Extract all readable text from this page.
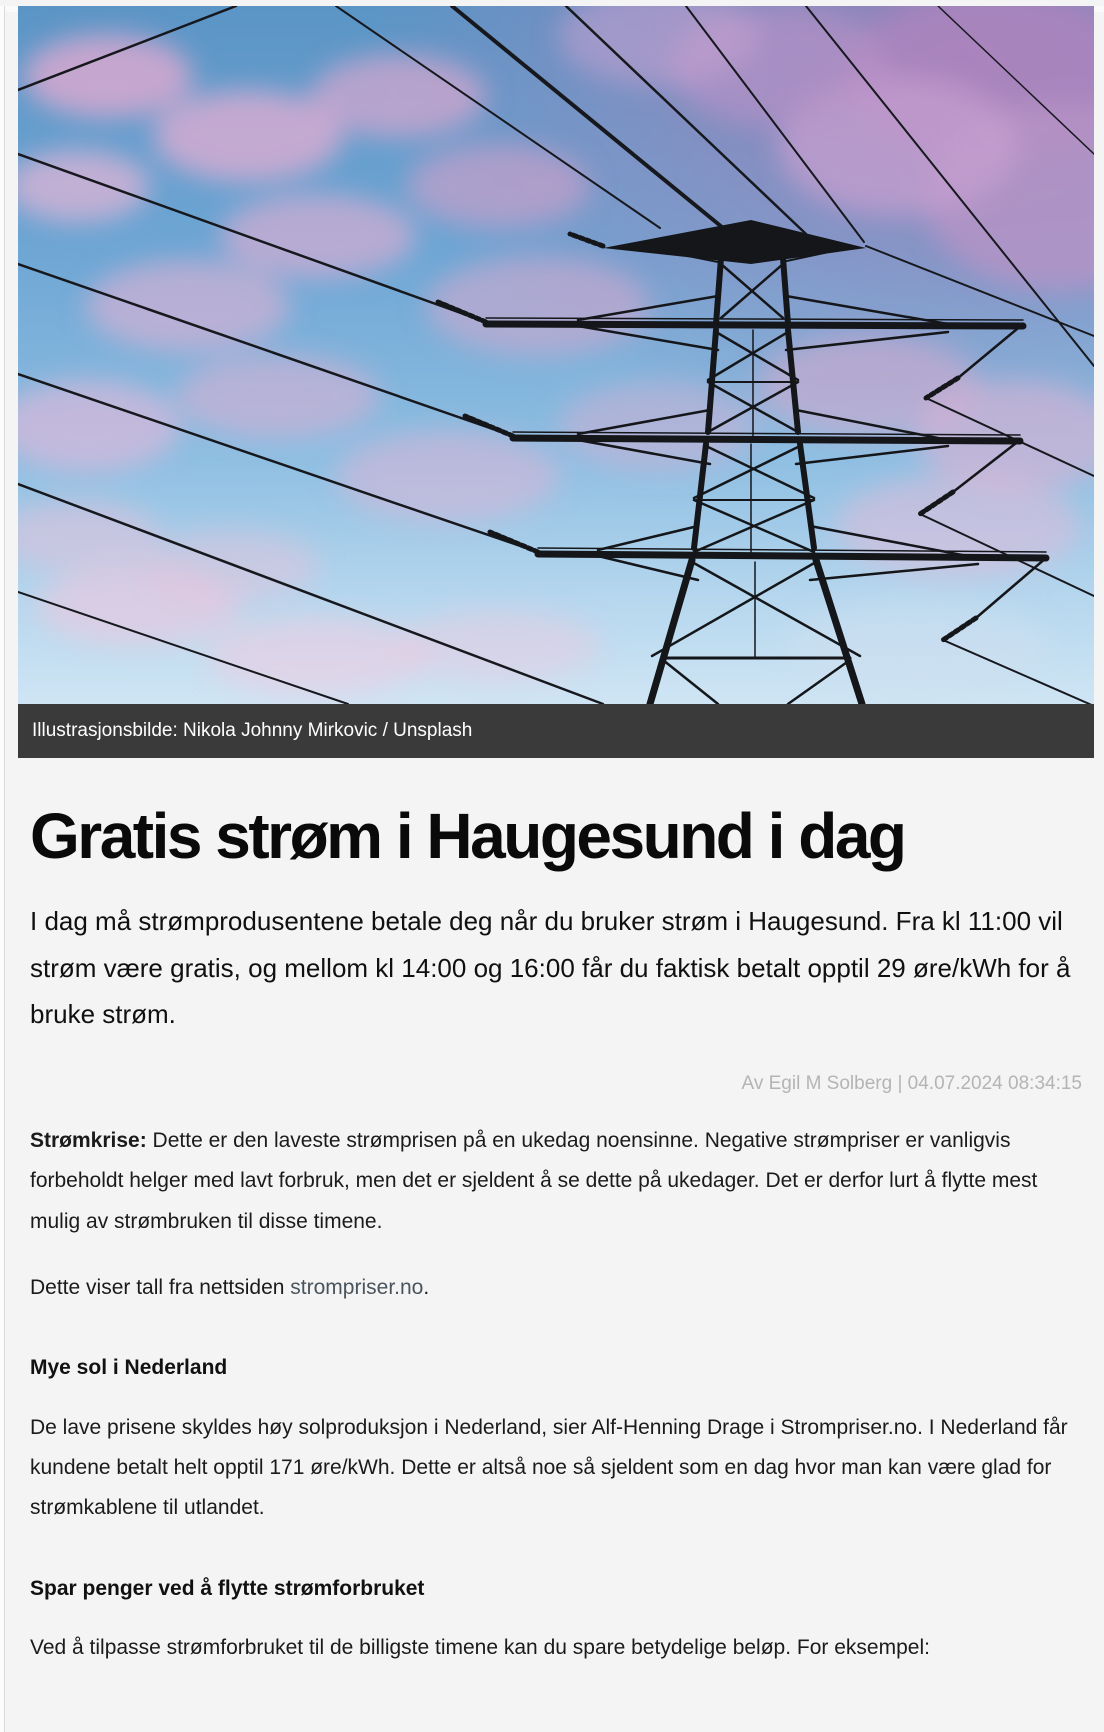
Illustrasjonsbilde: Nikola Johnny Mirkovic / Unsplash
Gratis strøm i Haugesund i dag

I dag må strømprodusentene betale deg når du bruker strøm i Haugesund. Fra kl 11:00 vil strøm være gratis, og mellom kl 14:00 og 16:00 får du faktisk betalt opptil 29 øre/kWh for å bruke strøm.

Av Egil M Solberg | 04.07.2024 08:34:15

Strømkrise: Dette er den laveste strømprisen på en ukedag noensinne. Negative strømpriser er vanligvis forbeholdt helger med lavt forbruk, men det er sjeldent å se dette på ukedager. Det er derfor lurt å flytte mest mulig av strømbruken til disse timene.

Dette viser tall fra nettsiden strompriser.no.

Mye sol i Nederland

De lave prisene skyldes høy solproduksjon i Nederland, sier Alf-Henning Drage i Strompriser.no. I Nederland får kundene betalt helt opptil 171 øre/kWh. Dette er altså noe så sjeldent som en dag hvor man kan være glad for strømkablene til utlandet.

Spar penger ved å flytte strømforbruket

Ved å tilpasse strømforbruket til de billigste timene kan du spare betydelige beløp. For eksempel:
